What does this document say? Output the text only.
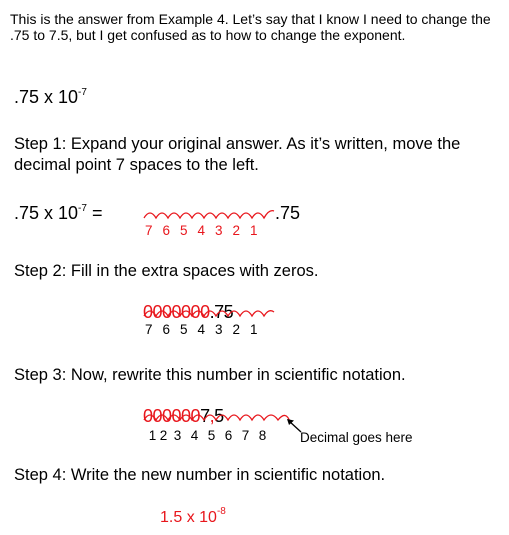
This is the answer from Example 4. Let’s say that I know I need to change the .75 to 7.5, but I get confused as to how to change the exponent.
.75 x $10^{-7}$
Step 1: Expand your original answer. As it’s written, move the decimal point 7 spaces to the left.
.75 x $10^{-7}$ =	.75
7 6 5 4 3 2 1
Step 2: Fill in the extra spaces with zeros.
0000000.75
7 6 5 4 3 2 1
Step 3: Now, rewrite this number in scientific notation.
0000007,5
1 2 3 4 5 6 7 8	Decimal goes here
Step 4: Write the new number in scientific notation.
1.5 x $10^{-8}$
